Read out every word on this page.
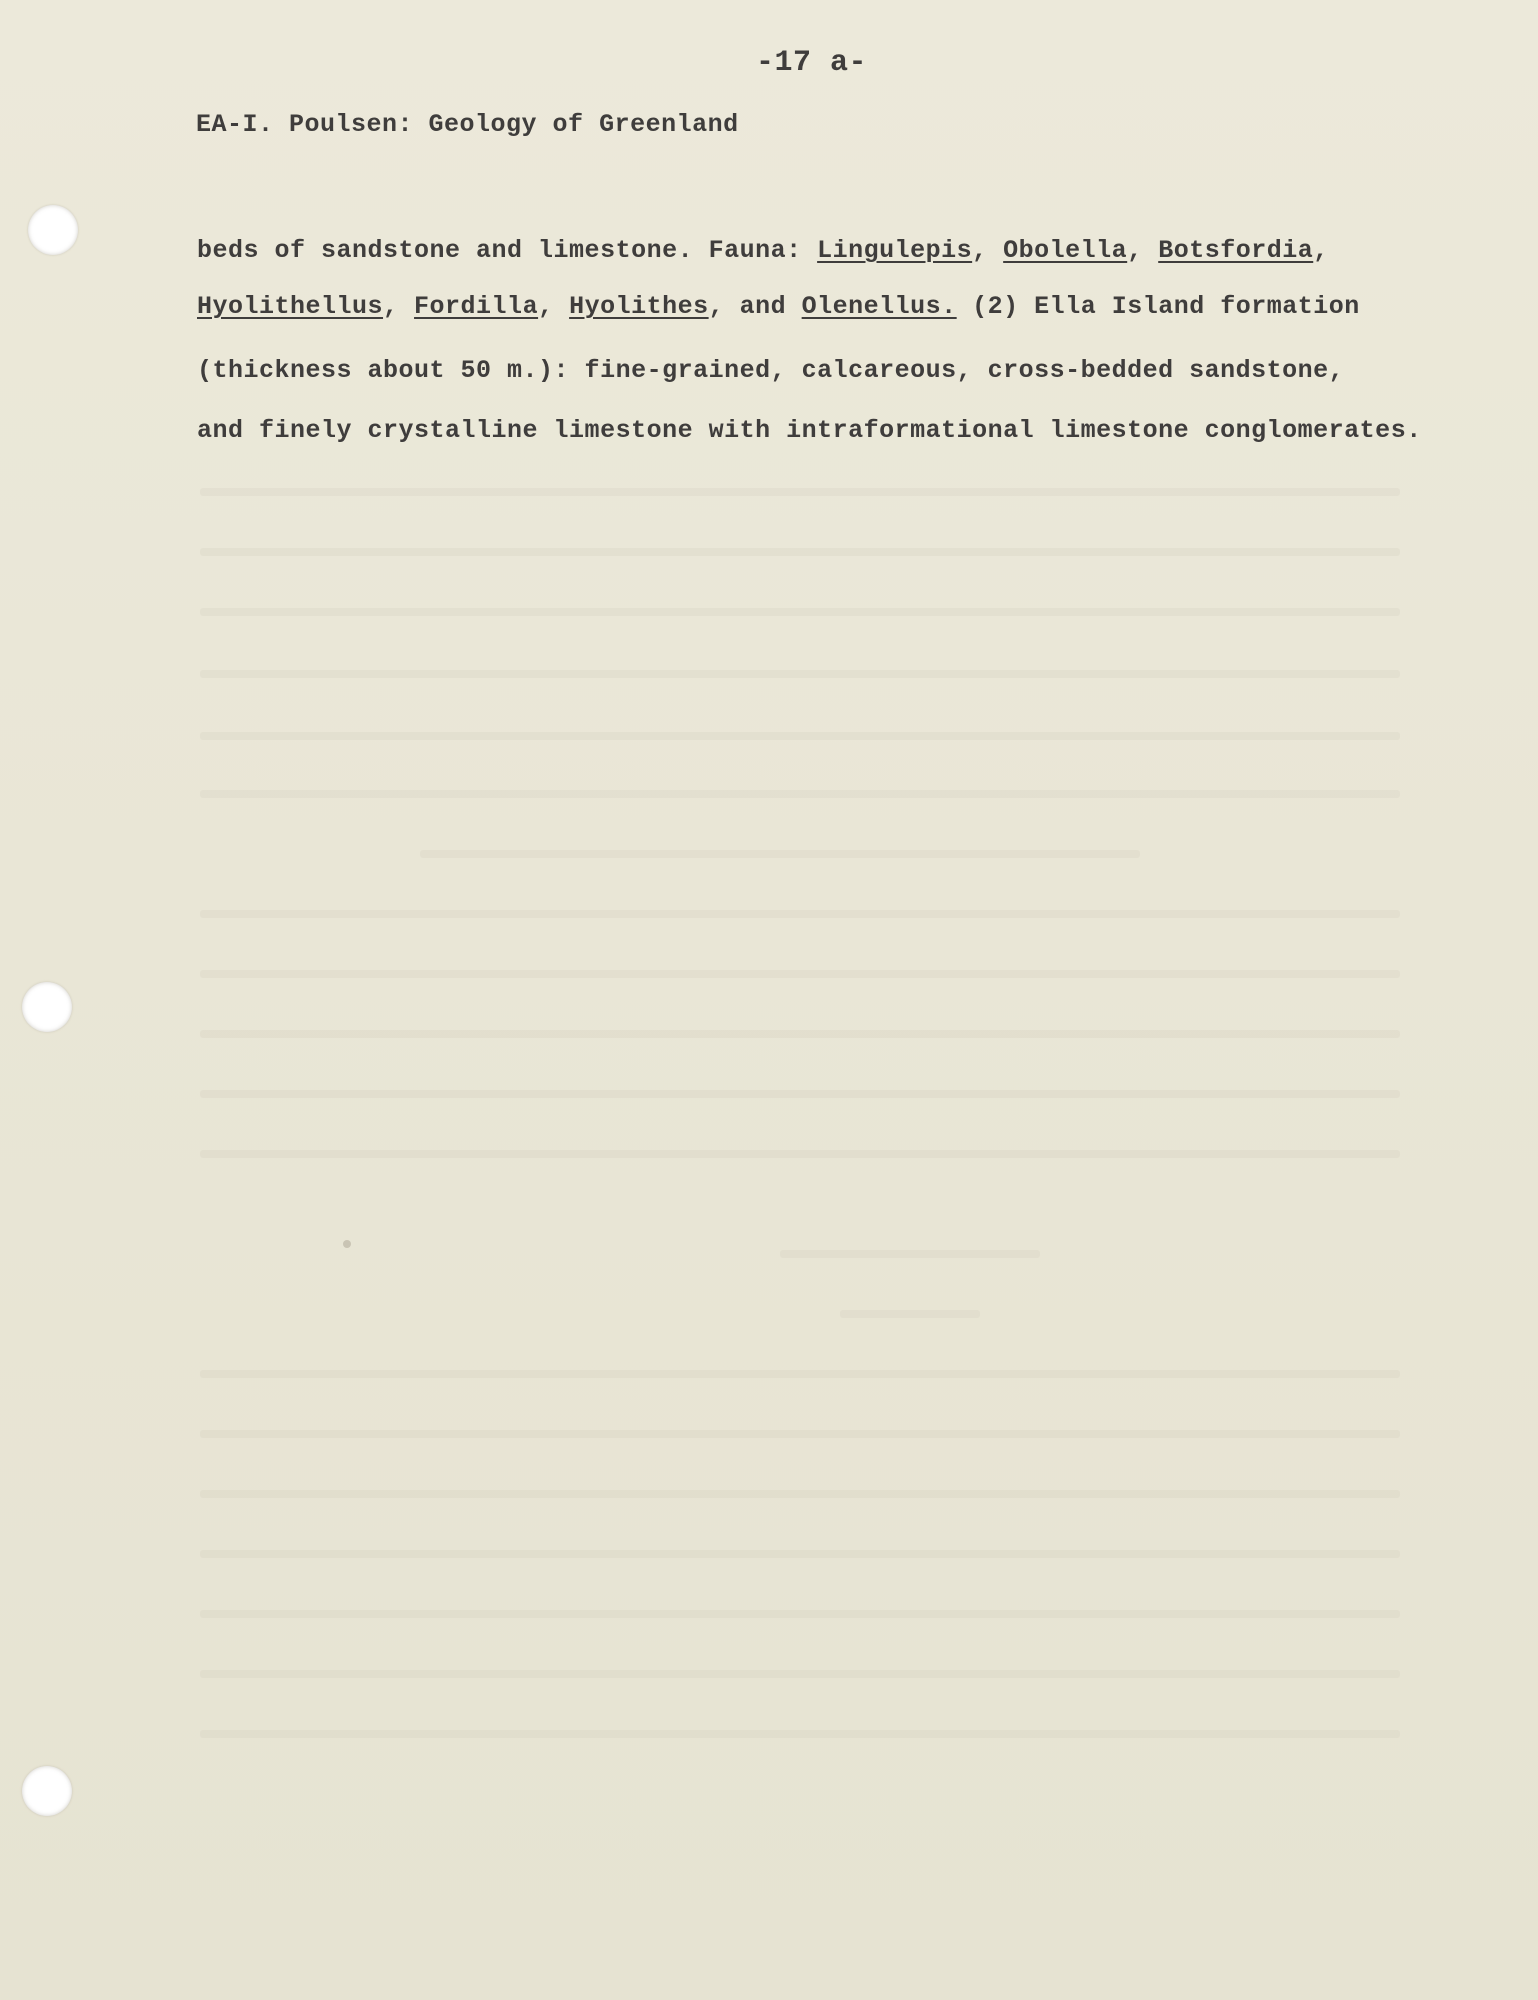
-17 a-
EA-I. Poulsen: Geology of Greenland
beds of sandstone and limestone. Fauna: Lingulepis, Obolella, Botsfordia,
Hyolithellus, Fordilla, Hyolithes, and Olenellus. (2) Ella Island formation
(thickness about 50 m.): fine-grained, calcareous, cross-bedded sandstone,
and finely crystalline limestone with intraformational limestone conglomerates.
